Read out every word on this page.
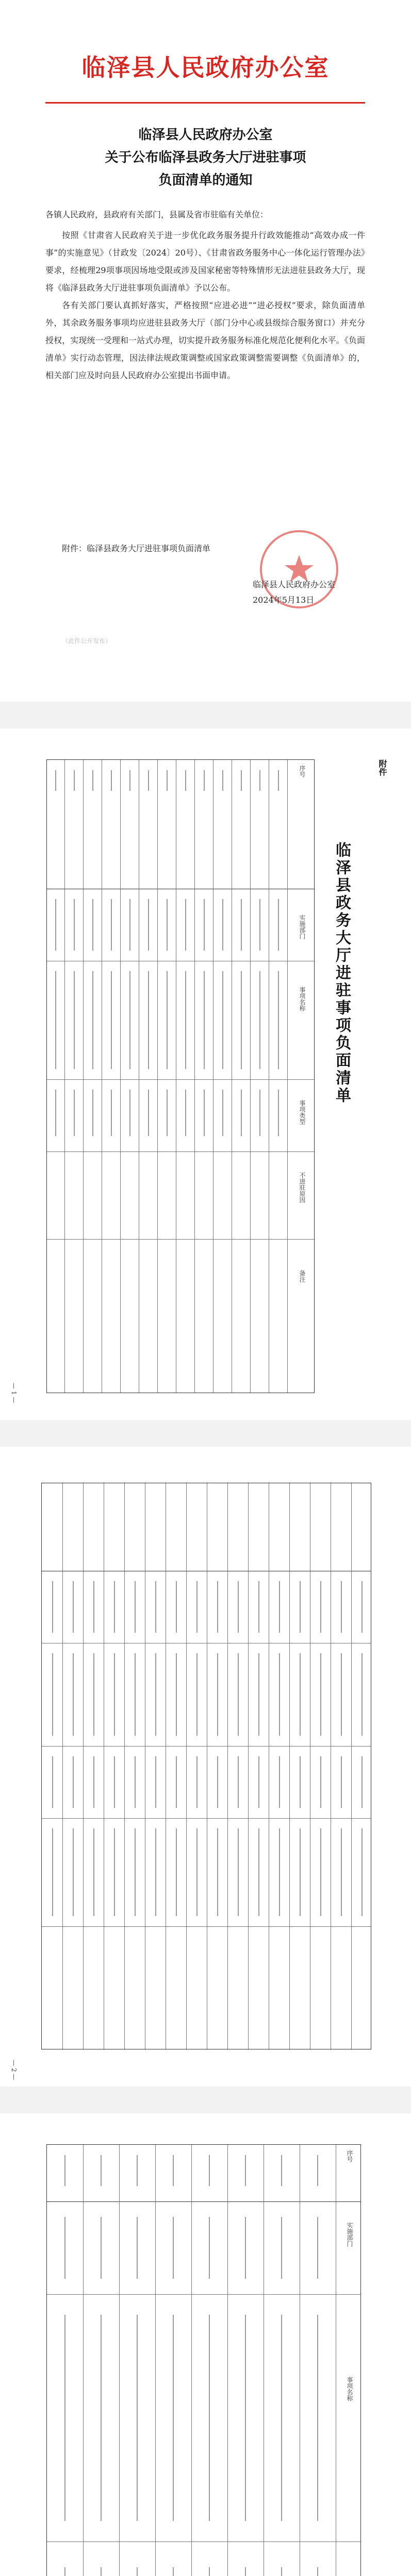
临泽县人民政府办公室
临泽县人民政府办公室
关于公布临泽县政务大厅进驻事项
负面清单的通知
各镇人民政府，县政府有关部门，县属及省市驻临有关单位：

按照《甘肃省人民政府关于进一步优化政务服务提升行政效能推动“高效办成一件事”的实施意见》（甘政发〔2024〕20号）、《甘肃省政务服务中心一体化运行管理办法》要求，经梳理29项事项因场地受限或涉及国家秘密等特殊情形无法进驻县政务大厅，现将《临泽县政务大厅进驻事项负面清单》予以公布。

各有关部门要认真抓好落实，严格按照“应进必进”“进必授权”要求，除负面清单外，其余政务服务事项均应进驻县政务大厅（部门分中心或县级综合服务窗口）并充分授权，实现统一受理和一站式办理，切实提升政务服务标准化规范化便利化水平。《负面清单》实行动态管理，因法律法规政策调整或国家政策调整需要调整《负面清单》的，相关部门应及时向县人民政府办公室提出书面申请。

附件：临泽县政务大厅进驻事项负面清单
临泽县人民政府办公室
2024年5月13日
（此件公开发布）
附件
临泽县政务大厅进驻事项负面清单
序号
实施部门
事项名称
事项类型
不进驻原因
备注
— 1 —
— 2 —
序号
实施部门
事项名称
